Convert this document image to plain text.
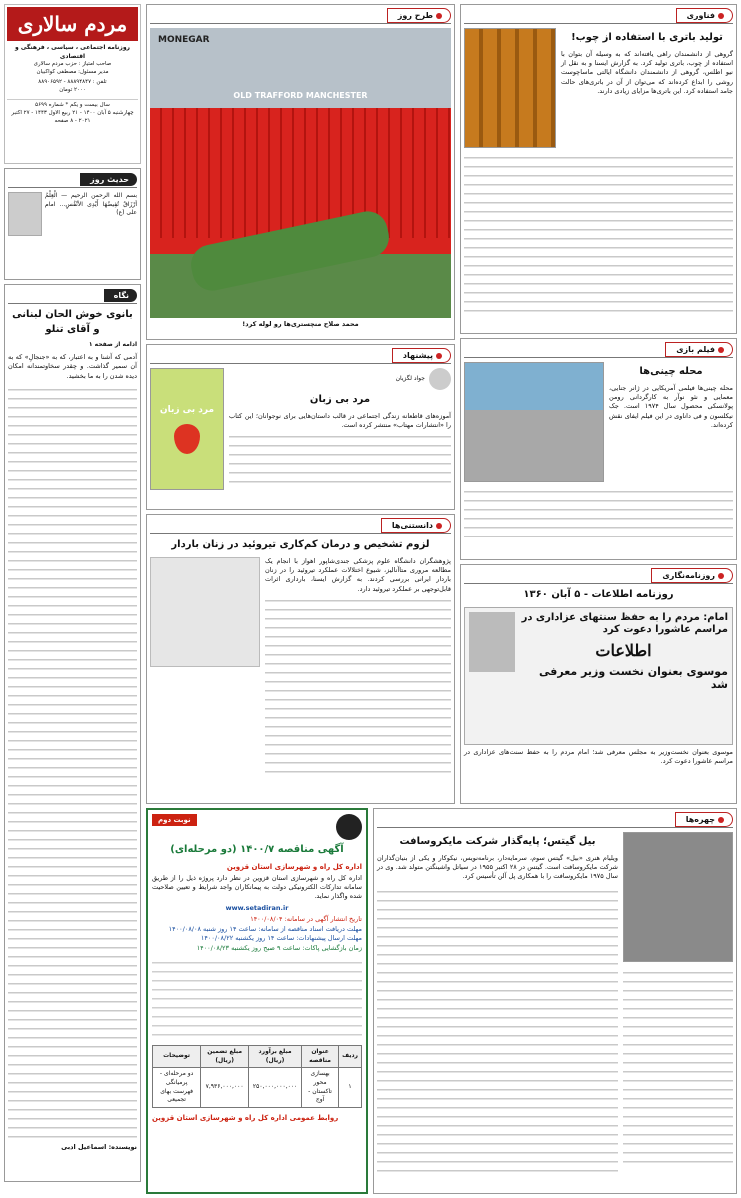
مردم سالاری
روزنامه اجتماعی ، سیاسی ، فرهنگی و اقتصادی
صاحب امتیاز : حزب مردم سالاری
مدیر مسئول: مصطفی کواکبیان
تلفن : ۸۸۸۹۴۸۴۷ - ۸۸۹۰۶۵۹۲
۲۰۰۰ تومان
ﺳﺎل ﺑﯿﺴﺖ و ﯾﮑﻢ * ﺷﻤﺎره ۵۶۹۹
چهارشنبه ۵ آبان ۱۴۰۰ - ۲۱ ربیع الاول ۱۴۴۳ - ۲۷ اکتبر ۲۰۲۱ - ۸ صفحه
حدیث روز

بسم الله الرحمن الرحیم — الْعِلْمُ أرْزَاقٌ تُفِیضُهَا أَیْدِی الأنْفُسِ... امام علی (ع)

نگاه
بانوی خوش الحان لبنانی و آقای تنلو
ادامه از صفحه ۱

آدمی که آشنا و به اعتبار، که به «جنجالِ» که به آن سمیر گذاشت. و چقدر سخاوتمندانه امکان دیده شدن را به ما بخشید.

نویسنده: اسماعیل ادبی

طرح روز
MONEGAR
OLD TRAFFORD MANCHESTER
محمد صلاح منچستری‌ها رو لوله کرد!
پیشنهاد
جواد لگزیان
مرد بی زبان

آموزه‌های قاطعانه زندگی اجتماعی در قالب داستان‌هایی برای نوجوانان؛ این کتاب را «انتشارات مهتاب» منتشر کرده است.

مرد بی زبان
دانستنی‌ها
لزوم تشخیص و درمان کم‌کاری تیروئید در زنان باردار

پژوهشگران دانشگاه علوم پزشکی جندی‌شاپور اهواز با انجام یک مطالعه مروری متاآنالیز، شیوع اختلالات عملکرد تیروئید را در زنان باردار ایرانی بررسی کردند. به گزارش ایسنا، بارداری اثرات قابل‌توجهی بر عملکرد تیروئید دارد.

فناوری
تولید باتری با استفاده از چوب!

گروهی از دانشمندان راهی یافته‌اند که به وسیله آن بتوان با استفاده از چوب، باتری تولید کرد. به گزارش ایسنا و به نقل از نیو اطلس، گروهی از دانشمندان دانشگاه ایالتی ماساچوست روشی را ابداع کرده‌اند که می‌توان از آن در باتری‌های حالت جامد استفاده کرد. این باتری‌ها مزایای زیادی دارند.

فیلم بازی
محله چینی‌ها

محله چینی‌ها فیلمی آمریکایی در ژانر جنایی، معمایی و نئو نوآر به کارگردانی رومن پولانسکی محصول سال ۱۹۷۴ است. جک نیکلسون و فی داناوی در این فیلم ایفای نقش کرده‌اند.

روزنامه‌نگاری
روزنامه اطلاعات - ۵ آبان ۱۳۶۰
امام: مردم را به حفظ سنتهای عزاداری در مراسم عاشورا دعوت کرد
اطلاعات
موسوی بعنوان نخست وزیر معرفی شد

موسوی بعنوان نخست‌وزیر به مجلس معرفی شد؛ امام مردم را به حفظ سنت‌های عزاداری در مراسم عاشورا دعوت کرد.

نوبت دوم
آگهی مناقصه ۱۴۰۰/۷ (دو مرحله‌ای)

اداره کل راه و شهرسازی استان قزوین

اداره کل راه و شهرسازی استان قزوین در نظر دارد پروژه ذیل را از طریق سامانه تدارکات الکترونیکی دولت به پیمانکاران واجد شرایط و تعیین صلاحیت شده واگذار نماید.

www.setadiran.ir

تاریخ انتشار آگهی در سامانه: ۱۴۰۰/۰۸/۰۴

مهلت دریافت اسناد مناقصه از سامانه: ساعت ۱۴ روز شنبه ۱۴۰۰/۰۸/۰۸

مهلت ارسال پیشنهادات: ساعت ۱۴ روز یکشنبه ۱۴۰۰/۰۸/۲۲

زمان بازگشایی پاکات: ساعت ۹ صبح روز یکشنبه ۱۴۰۰/۰۸/۲۳

ردیف	عنوان مناقصه	مبلغ برآورد (ریال)	مبلغ تضمین (ریال)	توضیحات
۱	بهسازی محور تاکستان - آوج	۲۵۰,۰۰۰,۰۰۰,۰۰۰	۷,۹۳۶,۰۰۰,۰۰۰	دو مرحله‌ای - پرمیانگی فهرست بهای تجمیعی
روابط عمومی اداره کل راه و شهرسازی استان قزوین
چهره‌ها
بیل گیتس؛ پایه‌گذار شرکت مایکروسافت

ویلیام هنری «بیل» گیتس سوم، سرمایه‌دار، برنامه‌نویس، نیکوکار و یکی از بنیان‌گذاران شرکت مایکروسافت است. گیتس در ۲۸ اکتبر ۱۹۵۵ در سیاتل واشینگتن متولد شد. وی در سال ۱۹۷۵ مایکروسافت را با همکاری پل آلن تأسیس کرد.
